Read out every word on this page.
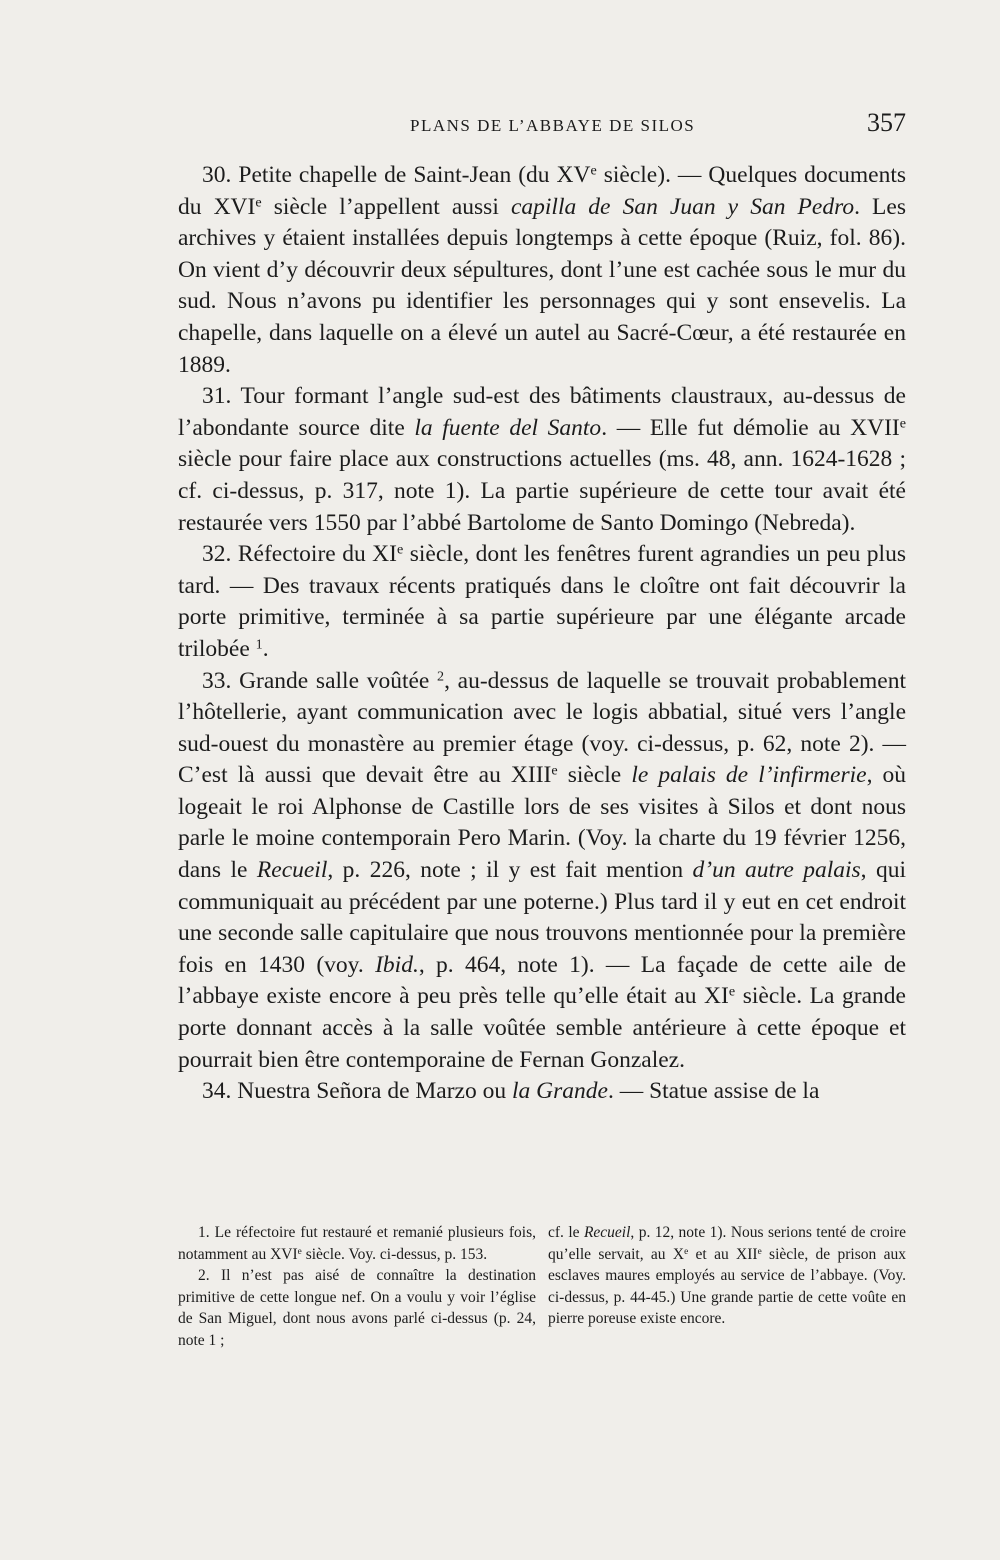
PLANS DE L’ABBAYE DE SILOS	357

30. Petite chapelle de Saint-Jean (du XVe siècle). — Quelques documents du XVIe siècle l’appellent aussi capilla de San Juan y San Pedro. Les archives y étaient installées depuis longtemps à cette époque (Ruiz, fol. 86). On vient d’y découvrir deux sépultures, dont l’une est cachée sous le mur du sud. Nous n’avons pu identifier les personnages qui y sont ensevelis. La chapelle, dans laquelle on a élevé un autel au Sacré-Cœur, a été restaurée en 1889.

31. Tour formant l’angle sud-est des bâtiments claustraux, au-dessus de l’abondante source dite la fuente del Santo. — Elle fut démolie au XVIIe siècle pour faire place aux constructions actuelles (ms. 48, ann. 1624-1628 ; cf. ci-dessus, p. 317, note 1). La partie supérieure de cette tour avait été restaurée vers 1550 par l’abbé Bartolome de Santo Domingo (Nebreda).

32. Réfectoire du XIe siècle, dont les fenêtres furent agrandies un peu plus tard. — Des travaux récents pratiqués dans le cloître ont fait découvrir la porte primitive, terminée à sa partie supérieure par une élégante arcade trilobée $^1$.

33. Grande salle voûtée $^2$, au-dessus de laquelle se trouvait probablement l’hôtellerie, ayant communication avec le logis abbatial, situé vers l’angle sud-ouest du monastère au premier étage (voy. ci-dessus, p. 62, note 2). — C’est là aussi que devait être au XIIIe siècle le palais de l’infirmerie, où logeait le roi Alphonse de Castille lors de ses visites à Silos et dont nous parle le moine contemporain Pero Marin. (Voy. la charte du 19 février 1256, dans le Recueil, p. 226, note ; il y est fait mention d’un autre palais, qui communiquait au précédent par une poterne.) Plus tard il y eut en cet endroit une seconde salle capitulaire que nous trouvons mentionnée pour la première fois en 1430 (voy. Ibid., p. 464, note 1). — La façade de cette aile de l’abbaye existe encore à peu près telle qu’elle était au XIe siècle. La grande porte donnant accès à la salle voûtée semble antérieure à cette époque et pourrait bien être contemporaine de Fernan Gonzalez.

34. Nuestra Señora de Marzo ou la Grande. — Statue assise de la

1. Le réfectoire fut restauré et remanié plusieurs fois, notamment au XVIe siècle. Voy. ci-dessus, p. 153.

2. Il n’est pas aisé de connaître la destination primitive de cette longue nef. On a voulu y voir l’église de San Miguel, dont nous avons parlé ci-dessus (p. 24, note 1 ;

cf. le Recueil, p. 12, note 1). Nous serions tenté de croire qu’elle servait, au Xe et au XIIe siècle, de prison aux esclaves maures employés au service de l’abbaye. (Voy. ci-dessus, p. 44-45.) Une grande partie de cette voûte en pierre poreuse existe encore.
